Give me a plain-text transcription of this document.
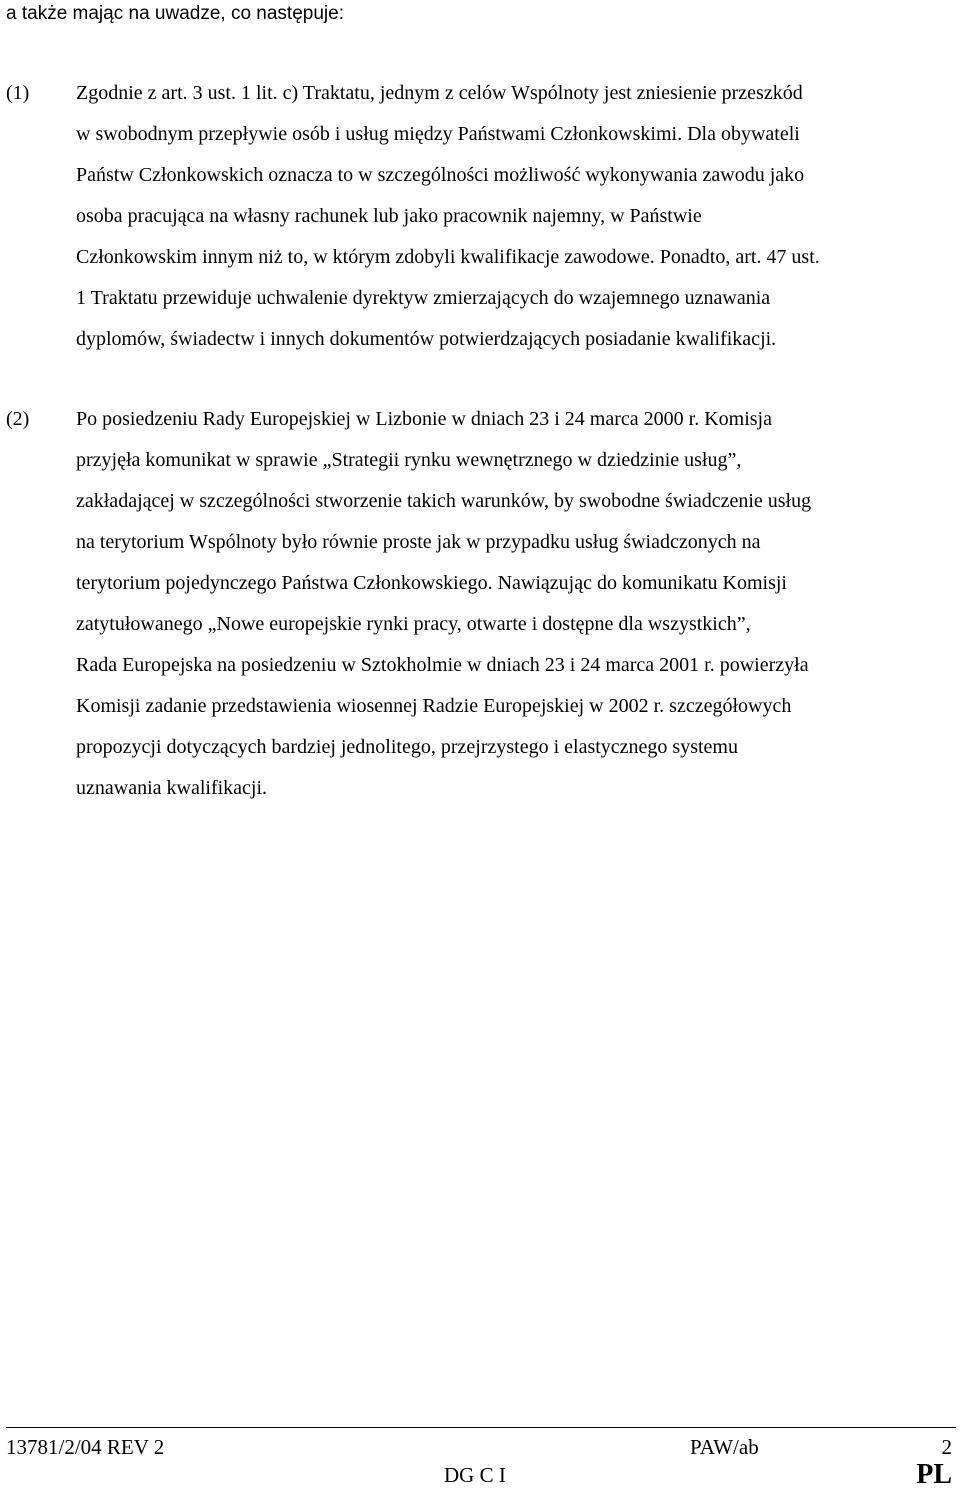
a także mając na uwadze, co następuje:
(1) Zgodnie z art. 3 ust. 1 lit. c) Traktatu, jednym z celów Wspólnoty jest zniesienie przeszkód
w swobodnym przepływie osób i usług między Państwami Członkowskimi. Dla obywateli
Państw Członkowskich oznacza to w szczególności możliwość wykonywania zawodu jako
osoba pracująca na własny rachunek lub jako pracownik najemny, w Państwie
Członkowskim innym niż to, w którym zdobyli kwalifikacje zawodowe. Ponadto, art. 47 ust.
1 Traktatu przewiduje uchwalenie dyrektyw zmierzających do wzajemnego uznawania
dyplomów, świadectw i innych dokumentów potwierdzających posiadanie kwalifikacji.
(2) Po posiedzeniu Rady Europejskiej w Lizbonie w dniach 23 i 24 marca 2000 r. Komisja
przyjęła komunikat w sprawie „Strategii rynku wewnętrznego w dziedzinie usług”,
zakładającej w szczególności stworzenie takich warunków, by swobodne świadczenie usług
na terytorium Wspólnoty było równie proste jak w przypadku usług świadczonych na
terytorium pojedynczego Państwa Członkowskiego. Nawiązując do komunikatu Komisji
zatytułowanego „Nowe europejskie rynki pracy, otwarte i dostępne dla wszystkich”,
Rada Europejska na posiedzeniu w Sztokholmie w dniach 23 i 24 marca 2001 r. powierzyła
Komisji zadanie przedstawienia wiosennej Radzie Europejskiej w 2002 r. szczegółowych
propozycji dotyczących bardziej jednolitego, przejrzystego i elastycznego systemu
uznawania kwalifikacji.
13781/2/04 REV 2	PAW/ab	2
DG C I	PL
